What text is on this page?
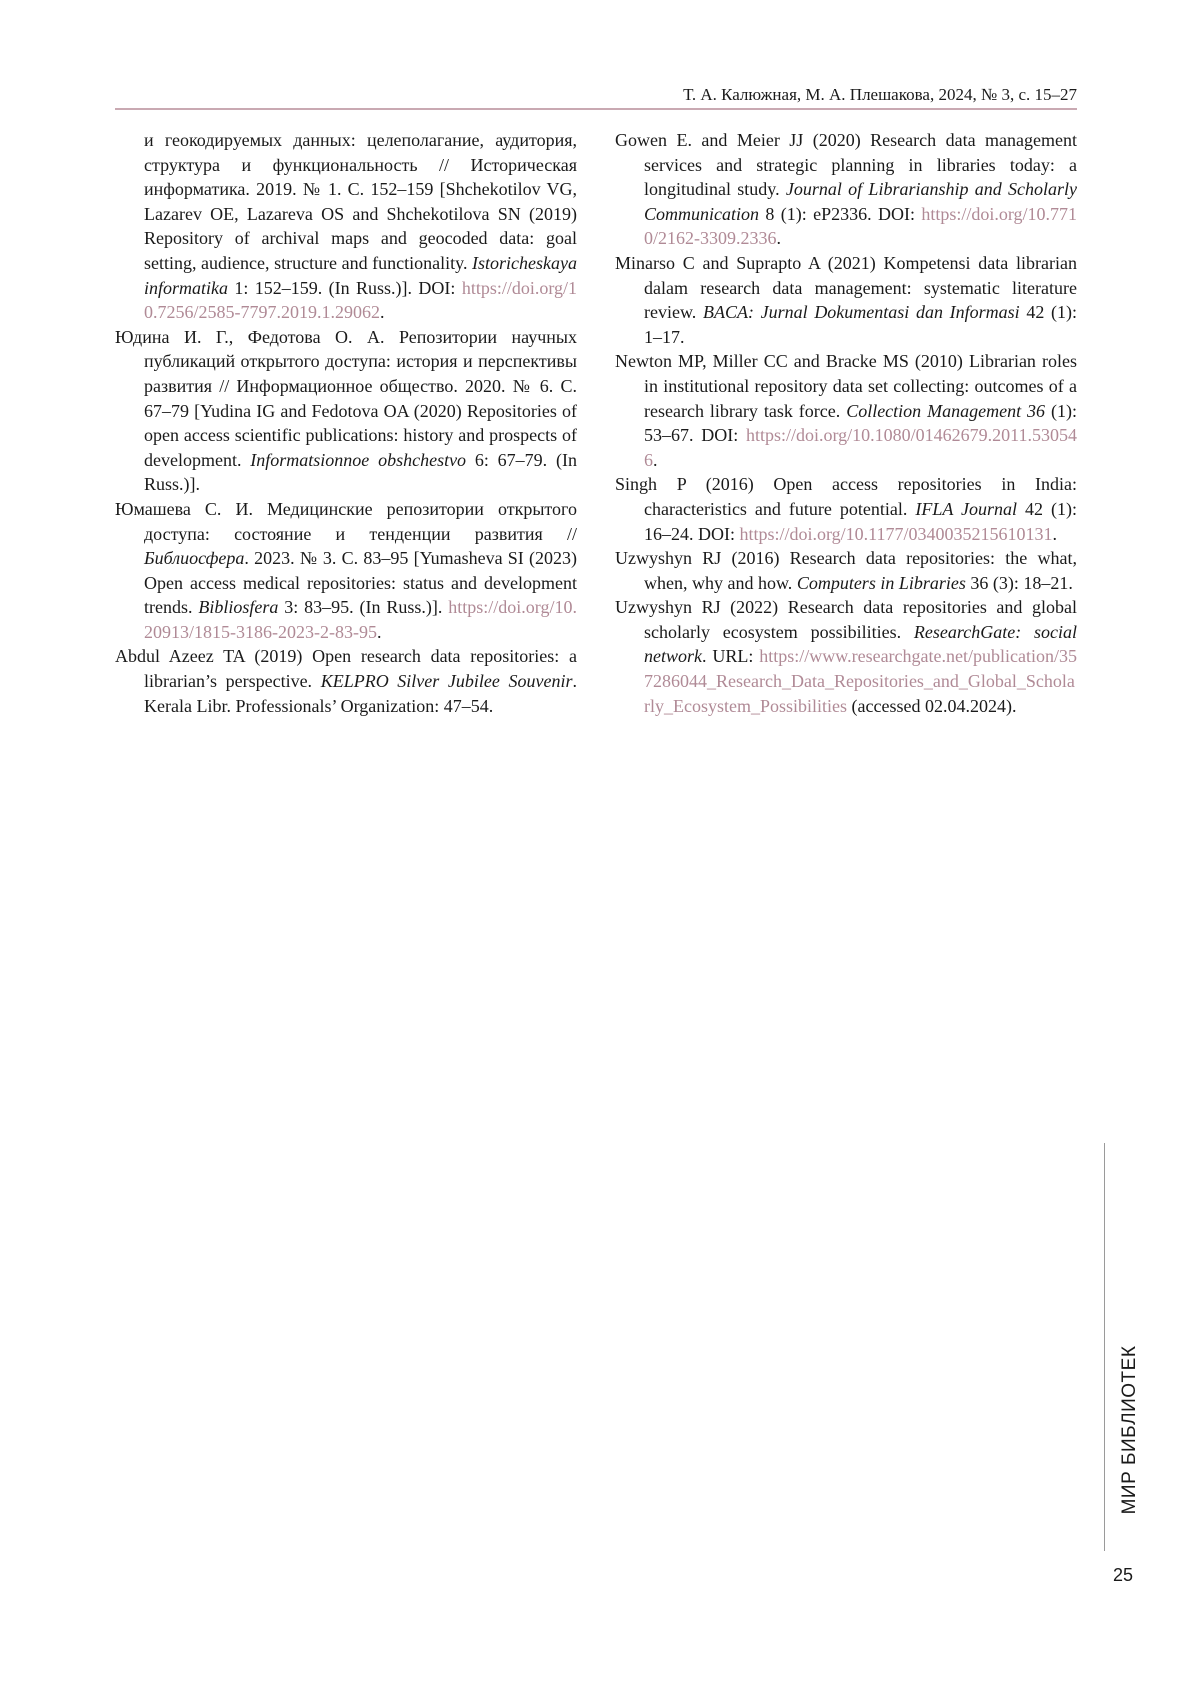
Т. А. Калюжная, М. А. Плешакова, 2024, № 3, с. 15–27

и геокодируемых данных: целеполагание, аудитория, структура и функциональность // Историческая информатика. 2019. № 1. С. 152–159 [Shchekotilov VG, Lazarev OE, Lazareva OS and Shchekotilova SN (2019) Repository of archival maps and geocoded data: goal setting, audience, structure and functionality. Istoricheskaya informatika 1: 152–159. (In Russ.)]. DOI: https://doi.org/10.7256/2585-7797.2019.1.29062.

Юдина И. Г., Федотова О. А. Репозитории научных публикаций открытого доступа: история и перспективы развития // Информационное общество. 2020. № 6. С. 67–79 [Yudina IG and Fedotova OA (2020) Repositories of open access scientific publications: history and prospects of development. Informatsionnoe obshchestvo 6: 67–79. (In Russ.)].

Юмашева С. И. Медицинские репозитории открытого доступа: состояние и тенденции развития // Библиосфера. 2023. № 3. С. 83–95 [Yumasheva SI (2023) Open access medical repositories: status and development trends. Bibliosfera 3: 83–95. (In Russ.)]. https://doi.org/10.20913/1815-3186-2023-2-83-95.

Abdul Azeez TA (2019) Open research data repositories: a librarian’s perspective. KELPRO Silver Jubilee Souvenir. Kerala Libr. Professionals’ Organization: 47–54.

Gowen E. and Meier JJ (2020) Research data management services and strategic planning in libraries today: a longitudinal study. Journal of Librarianship and Scholarly Communication 8 (1): eP2336. DOI: https://doi.org/10.7710/2162-3309.2336.

Minarso C and Suprapto A (2021) Kompetensi data librarian dalam research data management: systematic literature review. BACA: Jurnal Dokumentasi dan Informasi 42 (1): 1–17.

Newton MP, Miller CC and Bracke MS (2010) Librarian roles in institutional repository data set collecting: outcomes of a research library task force. Collection Management 36 (1): 53–67. DOI: https://doi.org/10.1080/01462679.2011.530546.

Singh P (2016) Open access repositories in India: characteristics and future potential. IFLA Journal 42 (1): 16–24. DOI: https://doi.org/10.1177/0340035215610131.

Uzwyshyn RJ (2016) Research data repositories: the what, when, why and how. Computers in Libraries 36 (3): 18–21.

Uzwyshyn RJ (2022) Research data repositories and global scholarly ecosystem possibilities. ResearchGate: social network. URL: https://www.researchgate.net/publication/357286044_Research_Data_Repositories_and_Global_Scholarly_Ecosystem_Possibilities (accessed 02.04.2024).

МИР БИБЛИОТЕК
25
